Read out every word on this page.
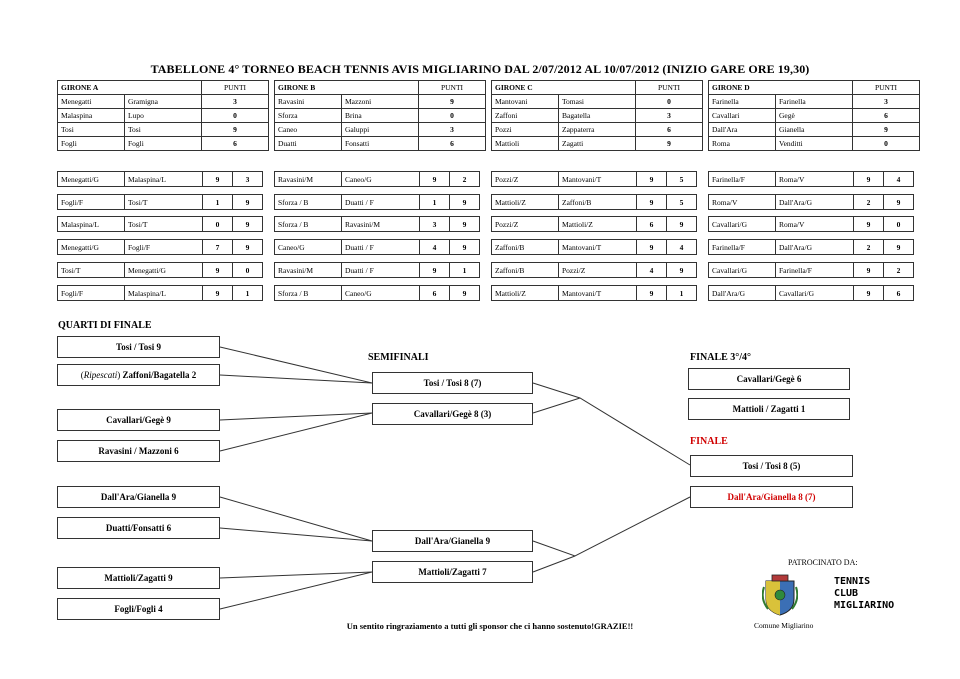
TABELLONE 4° TORNEO BEACH TENNIS AVIS MIGLIARINO DAL 2/07/2012 AL 10/07/2012 (INIZIO GARE ORE 19,30)
GIRONE A		PUNTI
Menegatti	Gramigna	3
Malaspina	Lupo	0
Tosi	Tosi	9
Fogli	Fogli	6
GIRONE B		PUNTI
Ravasini	Mazzoni	9
Sforza	Brina	0
Caneo	Galuppi	3
Duatti	Fonsatti	6
GIRONE C		PUNTI
Mantovani	Tomasi	0
Zaffoni	Bagatella	3
Pozzi	Zappaterra	6
Mattioli	Zagatti	9
GIRONE D		PUNTI
Farinella	Farinella	3
Cavallari	Gegè	6
Dall'Ara	Gianella	9
Roma	Venditti	0
Menegatti/G	Malaspina/L	9	3
Fogli/F	Tosi/T	1	9
Malaspina/L	Tosi/T	0	9
Menegatti/G	Fogli/F	7	9
Tosi/T	Menegatti/G	9	0
Fogli/F	Malaspina/L	9	1
Ravasini/M	Caneo/G	9	2
Sforza / B	Duatti / F	1	9
Sforza / B	Ravasini/M	3	9
Caneo/G	Duatti / F	4	9
Ravasini/M	Duatti / F	9	1
Sforza / B	Caneo/G	6	9
Pozzi/Z	Mantovani/T	9	5
Mattioli/Z	Zaffoni/B	9	5
Pozzi/Z	Mattioli/Z	6	9
Zaffoni/B	Mantovani/T	9	4
Zaffoni/B	Pozzi/Z	4	9
Mattioli/Z	Mantovani/T	9	1
Farinella/F	Roma/V	9	4
Roma/V	Dall'Ara/G	2	9
Cavallari/G	Roma/V	9	0
Farinella/F	Dall'Ara/G	2	9
Cavallari/G	Farinella/F	9	2
Dall'Ara/G	Cavallari/G	9	6
QUARTI DI FINALE
SEMIFINALI	FINALE 3°/4°
FINALE
Tosi / Tosi 9
(Ripescati) Zaffoni/Bagatella 2
Cavallari/Gegè 9
Ravasini / Mazzoni 6
Dall'Ara/Gianella 9
Duatti/Fonsatti 6
Mattioli/Zagatti 9
Fogli/Fogli 4
Tosi / Tosi 8 (7)
Cavallari/Gegè 8 (3)
Dall'Ara/Gianella 9
Mattioli/Zagatti 7
Cavallari/Gegè 6
Mattioli / Zagatti 1
Tosi / Tosi 8 (5)
Dall'Ara/Gianella 8 (7)
PATROCINATO DA:
Comune Migliarino
TENNIS
CLUB
MIGLIARINO
Un sentito ringraziamento a tutti gli sponsor che ci hanno sostenuto!GRAZIE!!
